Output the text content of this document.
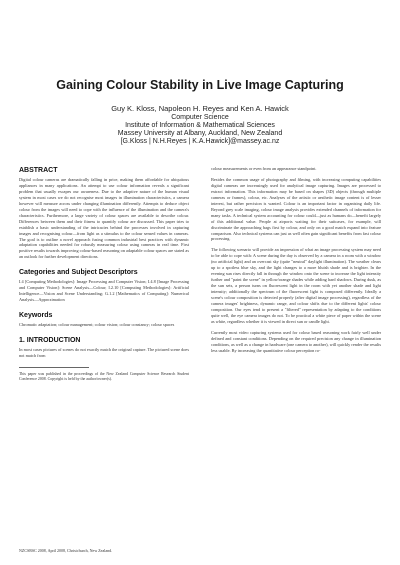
Gaining Colour Stability in Live Image Capturing
Guy K. Kloss, Napoleon H. Reyes and Ken A. Hawick
Computer Science
Institute of Information & Mathematical Sciences
Massey University at Albany, Auckland, New Zealand
[G.Kloss | N.H.Reyes | K.A.Hawick]@massey.ac.nz
ABSTRACT

Digital colour cameras are dramatically falling in price, making them affordable for ubiquitous appliances in many applications. An attempt to use colour information reveals a significant problem that usually escapes our awareness. Due to the adaptive nature of the human visual system in most cases we do not recognise most images in illumination characteristics, a camera however will measure across under changing illumination differently. Attempts to deduce object colour from the images will need to cope with the influence of the illumination and the camera's characteristics. Furthermore, a large variety of colour spaces are available to describe colour. Differences between them and their fitness to quantify colour are discussed. This paper tries to establish a basic understanding of the intricacies behind the processes involved in capturing images and recognising colour—from light as a stimulus to the colour sensed values in cameras. The goal is to outline a novel approach fusing common industrial best practices with dynamic adaptation capabilities needed for robustly measuring colour using cameras in real time. First positive results towards improving colour-based reasoning on adaptable colour spaces are stated as an outlook for further development directions.

Categories and Subject Descriptors

I.4 [Computing Methodologies]: Image Processing and Computer Vision; I.4.8 [Image Processing and Computer Vision]: Scene Analysis—Colour; I.2.10 [Computing Methodologies]: Artificial Intelligence—Vision and Scene Understanding; G.1.2 [Mathematics of Computing]: Numerical Analysis—Approximation

Keywords

Chromatic adaptation; colour management; colour vision; colour constancy; colour spaces

1. INTRODUCTION

In most cases pictures of scenes do not exactly match the original capture. The pictured scene does not match from

This paper was published in the proceedings of the New Zealand Computer Science Research Student Conference 2008. Copyright is held by the author/owner(s).

colour measurements or even from an appearance standpoint.

Besides the common usage of photography and filming, with increasing computing capabilities digital cameras are increasingly used for analytical image capturing. Images are processed to extract information. This information may be based on shapes (3D) objects (through multiple cameras or frames), colour, etc. Analyses of the artistic or aesthetic image content is of lesser interest, but rather precision is wanted. Colour is an important factor in organising daily life. Beyond grey scale imaging, colour image analysis provides extended channels of information for many tasks. A technical system accounting for colour could—just as humans do—benefit largely of this additional value. People at airports waiting for their suitcases, for example, will discriminate the approaching bags first by colour, and only on a good match expand into feature comparison. Also technical systems can just as well often gain significant benefits from fast colour processing.

The following scenario will provide an impression of what an image processing system may need to be able to cope with: A scene during the day is observed by a camera in a room with a window (no artificial light) and an overcast sky (quite "neutral" daylight illumination). The weather clears up to a spotless blue sky, and the light changes to a more bluish shade and is brighter. In the evening sun rises directly fall in through the window onto the scene to increase the light intensity further and "paint the scene" in yellow/orange shades while adding hard shadows. During dusk, as the sun sets, a person turns on fluorescent light in the room with yet another shade and light intensity; additionally the spectrum of the fluorescent light is composed differently. Ideally a scene's colour composition is detected properly (after digital image processing), regardless of the camera images' brightness, dynamic range, and colour shifts due to the different lights' colour composition. Our eyes tend to present a "filtered" representation by adapting to the conditions quite well, the eye camera images do not. To be practical a white piece of paper within the scene as white, regardless whether it is viewed in direct sun or candle light.

Currently most video capturing systems used for colour based reasoning work fairly well under defined and constant conditions. Depending on the required precision any change in illumination conditions, as well as a change in hardware (one camera to another), will quickly render the results less usable. By increasing the quantitative colour perception ro-

NZCSRSC 2008, April 2008, Christchurch, New Zealand.
